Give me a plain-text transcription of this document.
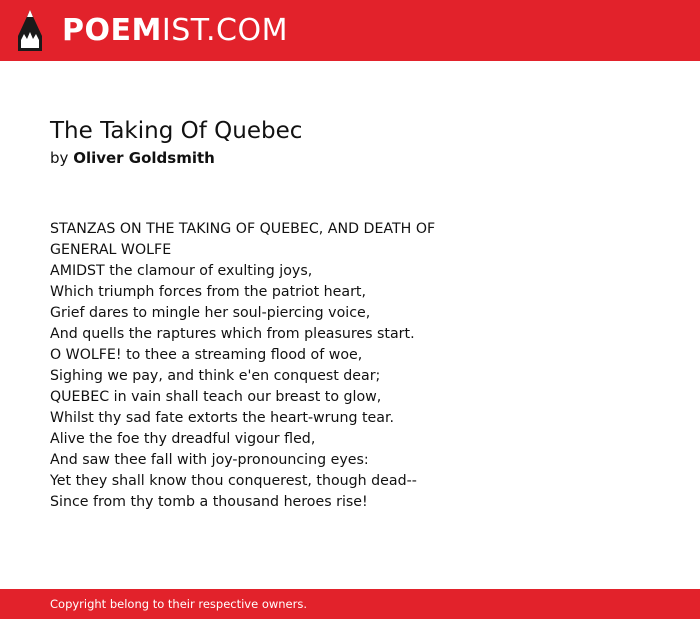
POEMIST.COM
The Taking Of Quebec
by Oliver Goldsmith
STANZAS ON THE TAKING OF QUEBEC, AND DEATH OF
GENERAL WOLFE
AMIDST the clamour of exulting joys,
Which triumph forces from the patriot heart,
Grief dares to mingle her soul-piercing voice,
And quells the raptures which from pleasures start.
O WOLFE! to thee a streaming flood of woe,
Sighing we pay, and think e'en conquest dear;
QUEBEC in vain shall teach our breast to glow,
Whilst thy sad fate extorts the heart-wrung tear.
Alive the foe thy dreadful vigour fled,
And saw thee fall with joy-pronouncing eyes:
Yet they shall know thou conquerest, though dead--
Since from thy tomb a thousand heroes rise!
Copyright belong to their respective owners.
